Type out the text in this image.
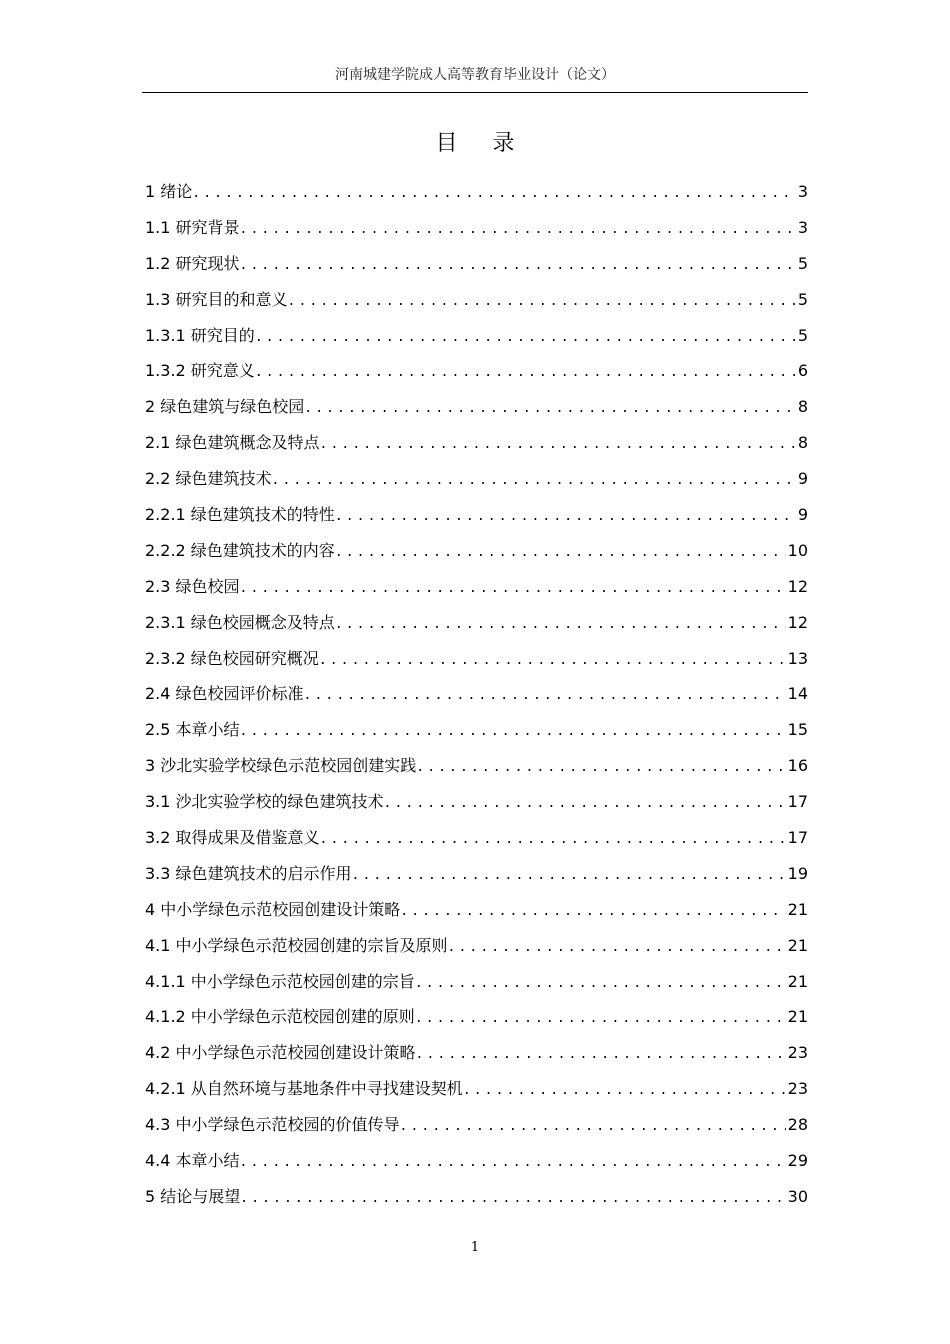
河南城建学院成人高等教育毕业设计（论文）
目 录
1 绪论 .....	3
1.1 研究背景 .....	3
1.2 研究现状 .....	5
1.3 研究目的和意义 .....	5
1.3.1 研究目的 .....	5
1.3.2 研究意义 .....	6
2 绿色建筑与绿色校园 .....	8
2.1 绿色建筑概念及特点 .....	8
2.2 绿色建筑技术 .....	9
2.2.1 绿色建筑技术的特性 .....	9
2.2.2 绿色建筑技术的内容 .....	10
2.3 绿色校园 .....	12
2.3.1 绿色校园概念及特点 .....	12
2.3.2 绿色校园研究概况 .....	13
2.4 绿色校园评价标准 .....	14
2.5 本章小结 .....	15
3 沙北实验学校绿色示范校园创建实践 .....	16
3.1 沙北实验学校的绿色建筑技术 .....	17
3.2 取得成果及借鉴意义 .....	17
3.3 绿色建筑技术的启示作用 .....	19
4 中小学绿色示范校园创建设计策略 .....	21
4.1 中小学绿色示范校园创建的宗旨及原则 .....	21
4.1.1 中小学绿色示范校园创建的宗旨 .....	21
4.1.2 中小学绿色示范校园创建的原则 .....	21
4.2 中小学绿色示范校园创建设计策略 .....	23
4.2.1 从自然环境与基地条件中寻找建设契机 .....	23
4.3 中小学绿色示范校园的价值传导 .....	28
4.4 本章小结 .....	29
5 结论与展望 .....	30
1
